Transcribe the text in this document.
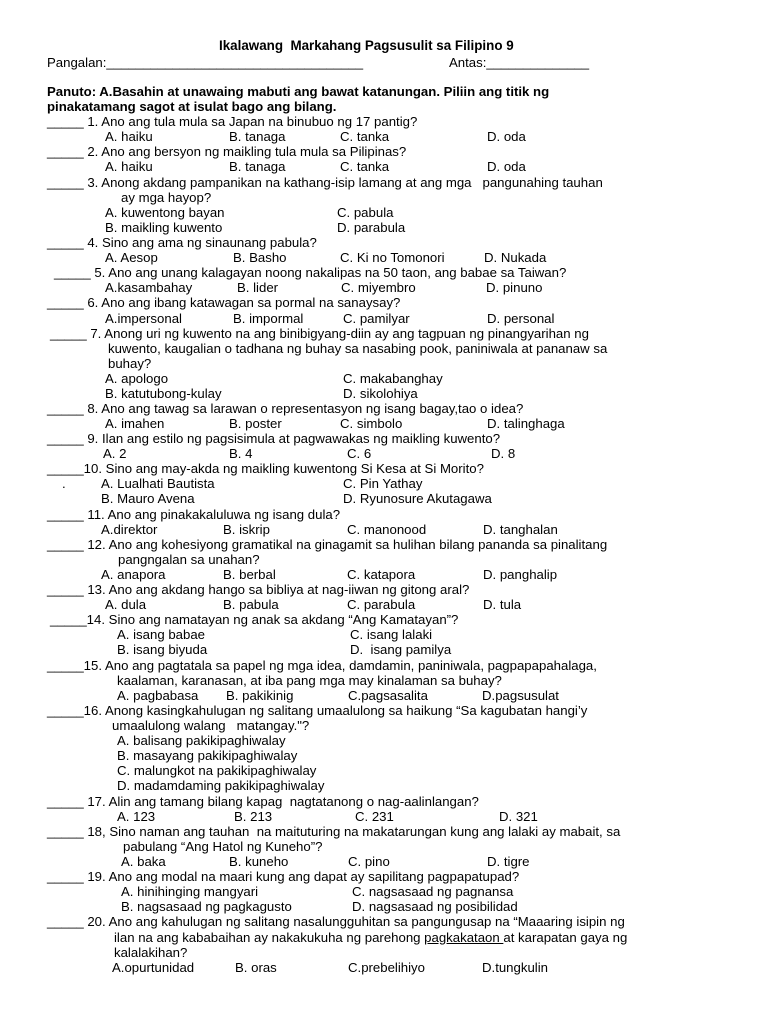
Ikalawang  Markahang Pagsusulit sa Filipino 9
Pangalan:___________________________________	Antas:______________
Panuto: A.Basahin at unawaing mabuti ang bawat katanungan. Piliin ang titik ng
pinakatamang sagot at isulat bago ang bilang.
_____ 1. Ano ang tula mula sa Japan na binubuo ng 17 pantig?
A. haiku	B. tanaga	C. tanka	D. oda
_____ 2. Ano ang bersyon ng maikling tula mula sa Pilipinas?
A. haiku	B. tanaga	C. tanka	D. oda
_____ 3. Anong akdang pampanikan na kathang-isip lamang at ang mga   pangunahing tauhan
ay mga hayop?
A. kuwentong bayan	C. pabula
B. maikling kuwento	D. parabula
_____ 4. Sino ang ama ng sinaunang pabula?
A. Aesop	B. Basho	C. Ki no Tomonori	D. Nukada
_____ 5. Ano ang unang kalagayan noong nakalipas na 50 taon, ang babae sa Taiwan?
A.kasambahay	B. lider	C. miyembro	D. pinuno
_____ 6. Ano ang ibang katawagan sa pormal na sanaysay?
A.impersonal	B. impormal	C. pamilyar	D. personal
_____ 7. Anong uri ng kuwento na ang binibigyang-diin ay ang tagpuan ng pinangyarihan ng
kuwento, kaugalian o tadhana ng buhay sa nasabing pook, paniniwala at pananaw sa
buhay?
A. apologo	C. makabanghay
B. katutubong-kulay	D. sikolohiya
_____ 8. Ano ang tawag sa larawan o representasyon ng isang bagay,tao o idea?
A. imahen	B. poster	C. simbolo	D. talinghaga
_____ 9. Ilan ang estilo ng pagsisimula at pagwawakas ng maikling kuwento?
A. 2	B. 4	C. 6	D. 8
_____10. Sino ang may-akda ng maikling kuwentong Si Kesa at Si Morito?
.	A. Lualhati Bautista	C. Pin Yathay
B. Mauro Avena	D. Ryunosure Akutagawa
_____ 11. Ano ang pinakakaluluwa ng isang dula?
A.direktor	B. iskrip	C. manonood	D. tanghalan
_____ 12. Ano ang kohesiyong gramatikal na ginagamit sa hulihan bilang pananda sa pinalitang
pangngalan sa unahan?
A. anapora	B. berbal	C. katapora	D. panghalip
_____ 13. Ano ang akdang hango sa bibliya at nag-iiwan ng gitong aral?
A. dula	B. pabula	C. parabula	D. tula
_____14. Sino ang namatayan ng anak sa akdang “Ang Kamatayan”?
A. isang babae	C. isang lalaki
B. isang biyuda	D.  isang pamilya
_____15. Ano ang pagtatala sa papel ng mga idea, damdamin, paniniwala, pagpapapahalaga,
kaalaman, karanasan, at iba pang mga may kinalaman sa buhay?
A. pagbabasa B. pakikinig	C.pagsasalita	D.pagsusulat
_____16. Anong kasingkahulugan ng salitang umaalulong sa haikung “Sa kagubatan hangi’y
umaalulong walang   matangay."?
A. balisang pakikipaghiwalay
B. masayang pakikipaghiwalay
C. malungkot na pakikipaghiwalay
D. madamdaming pakikipaghiwalay
_____ 17. Alin ang tamang bilang kapag  nagtatanong o nag-aalinlangan?
A. 123	B. 213	C. 231	D. 321
_____ 18, Sino naman ang tauhan  na maituturing na makatarungan kung ang lalaki ay mabait, sa
pabulang “Ang Hatol ng Kuneho”?
A. baka	B. kuneho	C. pino	D. tigre
_____ 19. Ano ang modal na maari kung ang dapat ay sapilitang pagpapatupad?
A. hinihinging mangyari	C. nagsasaad ng pagnansa
B. nagsasaad ng pagkagusto	D. nagsasaad ng posibilidad
_____ 20. Ano ang kahulugan ng salitang nasalungguhitan sa pangungusap na “Maaaring isipin ng
ilan na ang kababaihan ay nakakukuha ng parehong pagkakataon at karapatan gaya ng
kalalakihan?
A.opurtunidad	B. oras	C.prebelihiyo	D.tungkulin
